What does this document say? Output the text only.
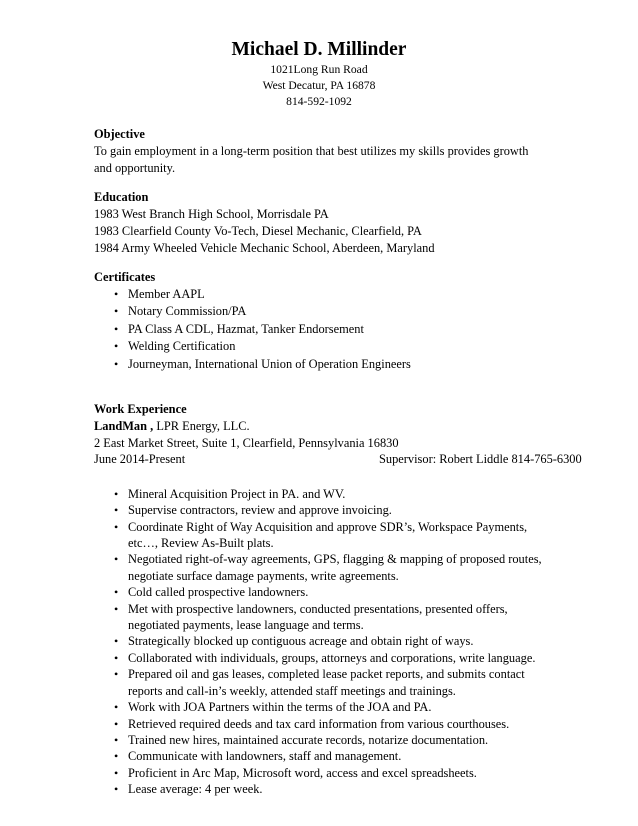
Michael D. Millinder
1021Long Run Road
West Decatur, PA 16878
814-592-1092
Objective
To gain employment in a long-term position that best utilizes my skills provides growth and opportunity.
Education
1983 West Branch High School, Morrisdale PA
1983 Clearfield County Vo-Tech, Diesel Mechanic, Clearfield, PA
1984 Army Wheeled Vehicle Mechanic School, Aberdeen, Maryland
Certificates
• Member AAPL
• Notary Commission/PA
• PA Class A CDL, Hazmat, Tanker Endorsement
• Welding Certification
• Journeyman, International Union of Operation Engineers
Work Experience
LandMan , LPR Energy, LLC.
2 East Market Street, Suite 1, Clearfield, Pennsylvania 16830
June 2014-Present	Supervisor: Robert Liddle 814-765-6300
• Mineral Acquisition Project in PA. and WV.
• Supervise contractors, review and approve invoicing.
• Coordinate Right of Way Acquisition and approve SDR’s, Workspace Payments, etc…, Review As-Built plats.
• Negotiated right-of-way agreements, GPS, flagging & mapping of proposed routes, negotiate surface damage payments, write agreements.
• Cold called prospective landowners.
• Met with prospective landowners, conducted presentations, presented offers, negotiated payments, lease language and terms.
• Strategically blocked up contiguous acreage and obtain right of ways.
• Collaborated with individuals, groups, attorneys and corporations, write language.
• Prepared oil and gas leases, completed lease packet reports, and submits contact reports and call-in’s weekly, attended staff meetings and trainings.
• Work with JOA Partners within the terms of the JOA and PA.
• Retrieved required deeds and tax card information from various courthouses.
• Trained new hires, maintained accurate records, notarize documentation.
• Communicate with landowners, staff and management.
• Proficient in Arc Map, Microsoft word, access and excel spreadsheets.
• Lease average: 4 per week.
